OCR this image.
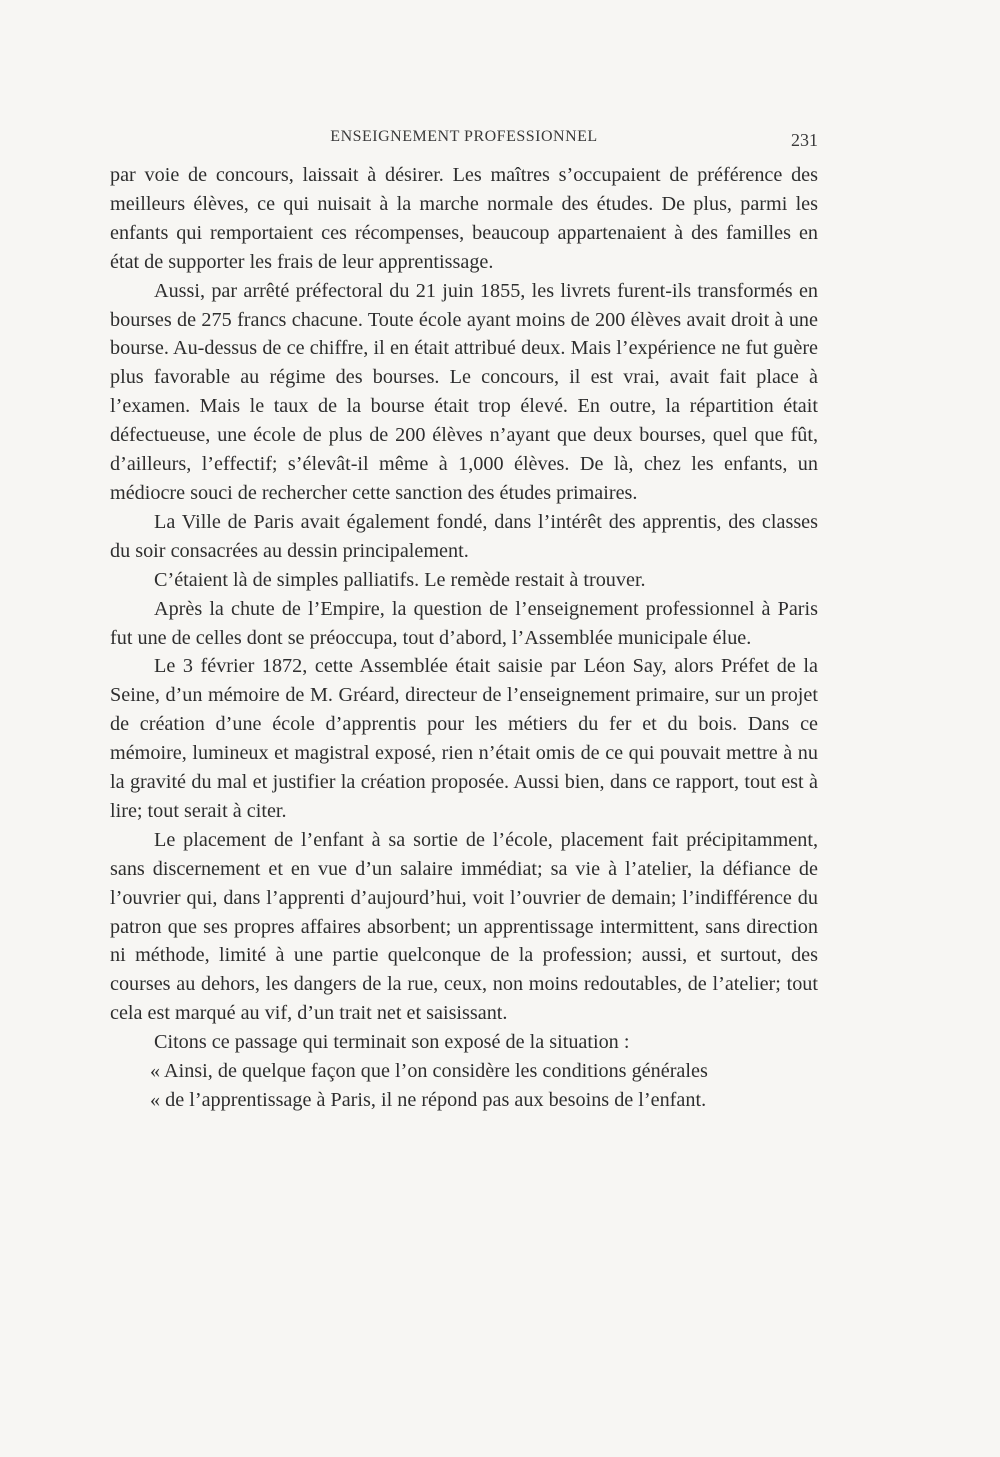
ENSEIGNEMENT PROFESSIONNEL	231

par voie de concours, laissait à désirer. Les maîtres s’occupaient de préférence des meilleurs élèves, ce qui nuisait à la marche normale des études. De plus, parmi les enfants qui remportaient ces récompenses, beaucoup appartenaient à des familles en état de supporter les frais de leur apprentissage.

Aussi, par arrêté préfectoral du 21 juin 1855, les livrets furent-ils transformés en bourses de 275 francs chacune. Toute école ayant moins de 200 élèves avait droit à une bourse. Au-dessus de ce chiffre, il en était attribué deux. Mais l’expérience ne fut guère plus favorable au régime des bourses. Le concours, il est vrai, avait fait place à l’examen. Mais le taux de la bourse était trop élevé. En outre, la répartition était défectueuse, une école de plus de 200 élèves n’ayant que deux bourses, quel que fût, d’ailleurs, l’effectif; s’élevât-il même à 1,000 élèves. De là, chez les enfants, un médiocre souci de rechercher cette sanction des études primaires.

La Ville de Paris avait également fondé, dans l’intérêt des apprentis, des classes du soir consacrées au dessin principalement.

C’étaient là de simples palliatifs. Le remède restait à trouver.

Après la chute de l’Empire, la question de l’enseignement professionnel à Paris fut une de celles dont se préoccupa, tout d’abord, l’Assemblée municipale élue.

Le 3 février 1872, cette Assemblée était saisie par Léon Say, alors Préfet de la Seine, d’un mémoire de M. Gréard, directeur de l’enseignement primaire, sur un projet de création d’une école d’apprentis pour les métiers du fer et du bois. Dans ce mémoire, lumineux et magistral exposé, rien n’était omis de ce qui pouvait mettre à nu la gravité du mal et justifier la création proposée. Aussi bien, dans ce rapport, tout est à lire; tout serait à citer.

Le placement de l’enfant à sa sortie de l’école, placement fait précipitamment, sans discernement et en vue d’un salaire immédiat; sa vie à l’atelier, la défiance de l’ouvrier qui, dans l’apprenti d’aujourd’hui, voit l’ouvrier de demain; l’indifférence du patron que ses propres affaires absorbent; un apprentissage intermittent, sans direction ni méthode, limité à une partie quelconque de la profession; aussi, et surtout, des courses au dehors, les dangers de la rue, ceux, non moins redoutables, de l’atelier; tout cela est marqué au vif, d’un trait net et saisissant.

Citons ce passage qui terminait son exposé de la situation :

« Ainsi, de quelque façon que l’on considère les conditions générales

« de l’apprentissage à Paris, il ne répond pas aux besoins de l’enfant.
